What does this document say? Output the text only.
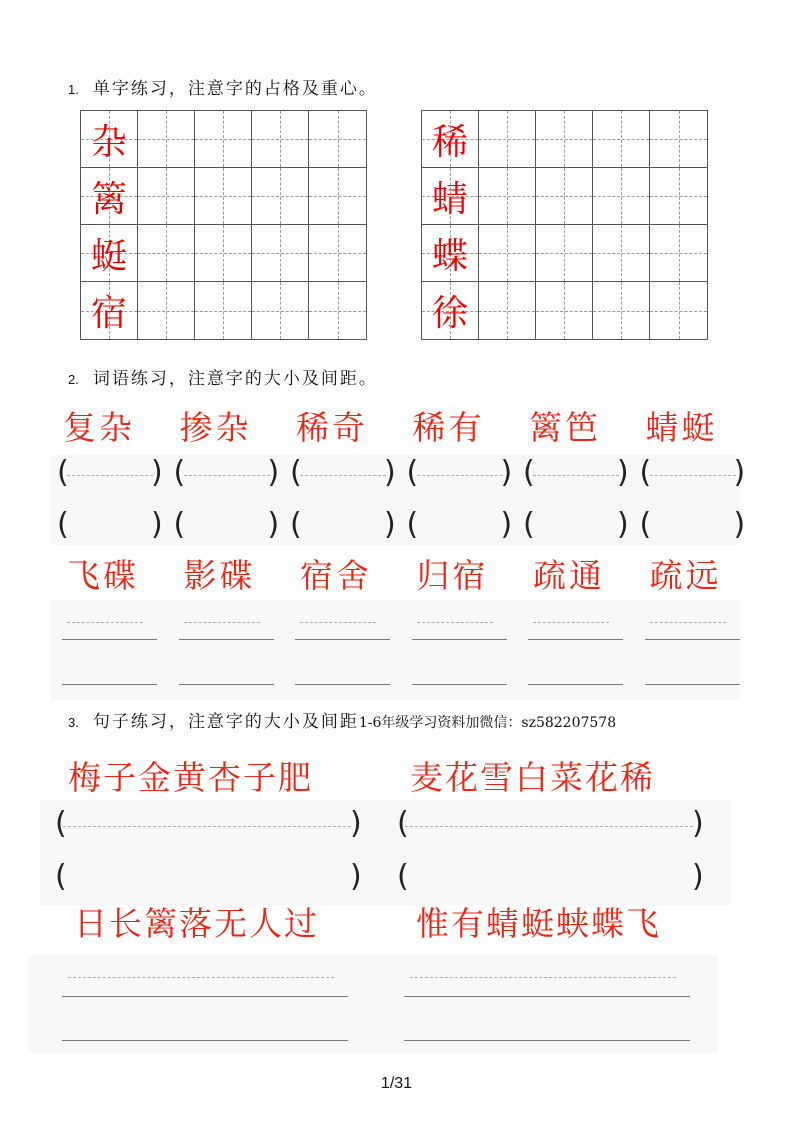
1. 单字练习，注意字的占格及重心。
杂
篱
蜓
宿
稀
蜻
蝶
徐
2. 词语练习，注意字的大小及间距。
复杂
飞碟
(	)
(	)
掺杂
影碟
(	)
(	)
稀奇
宿舍
(	)
(	)
稀有
归宿
(	)
(	)
篱笆
疏通
(	)
(	)
蜻蜓
疏远
(	)
(	)
3. 句子练习，注意字的大小及间距1-6年级学习资料加微信：sz582207578
梅子金黄杏子肥
日长篱落无人过
(	)
(	)
麦花雪白菜花稀
惟有蜻蜓蛱蝶飞
(	)
(	)
1/31
